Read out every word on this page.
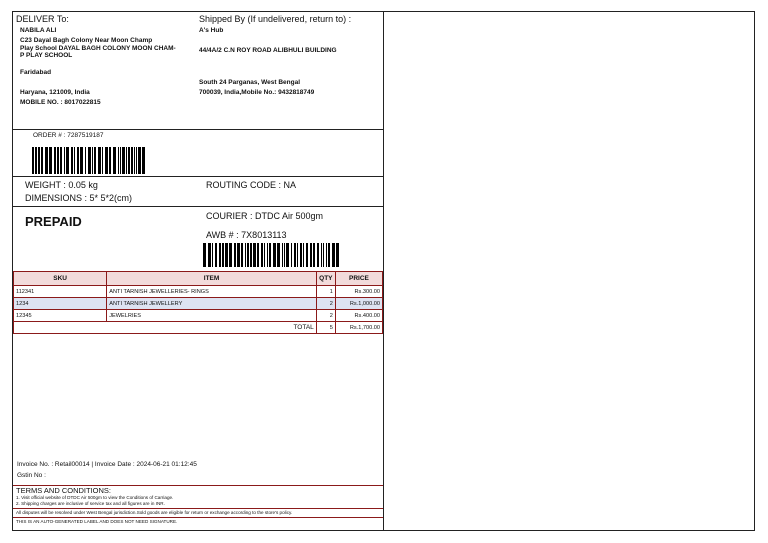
DELIVER To:
NABILA ALI
C23 Dayal Bagh Colony Near Moon Champ
Play School DAYAL BAGH COLONY MOON CHAM-
P PLAY SCHOOL
Faridabad
Haryana, 121009, India
MOBILE NO. : 8017022815
Shipped By (If undelivered, return to) :
A's Hub
44/4A/2 C.N ROY ROAD ALIBHULI BUILDING
South 24 Parganas, West Bengal
700039, India,Mobile No.: 9432818749
ORDER # : 7287519187
WEIGHT : 0.05 kg
DIMENSIONS : 5* 5*2(cm)
ROUTING CODE : NA
PREPAID	COURIER : DTDC Air 500gm
AWB # : 7X8013113
SKU	ITEM	QTY	PRICE
112341	ANTI TARNISH JEWELLERIES- RINGS	1	Rs.300.00
1234	ANTI TARNISH JEWELLERY	2	Rs.1,000.00
12345	JEWELRIES	2	Rs.400.00
TOTAL		5	Rs.1,700.00
Invoice No. : Retail00014 | Invoice Date : 2024-06-21 01:12:45
Gstin No :
TERMS AND CONDITIONS:
1. Visit official website of DTDC Air 500gm to view the Conditions of Carriage.
2. Shipping charges are inclusive of service tax and all figures are in INR.
All disputes will be resolved under West Bengal jurisdiction.Sold goods are eligible for return or exchange according to the store's policy.
THIS IS AN AUTO-GENERATED LABEL AND DOES NOT NEED SIGNATURE.
